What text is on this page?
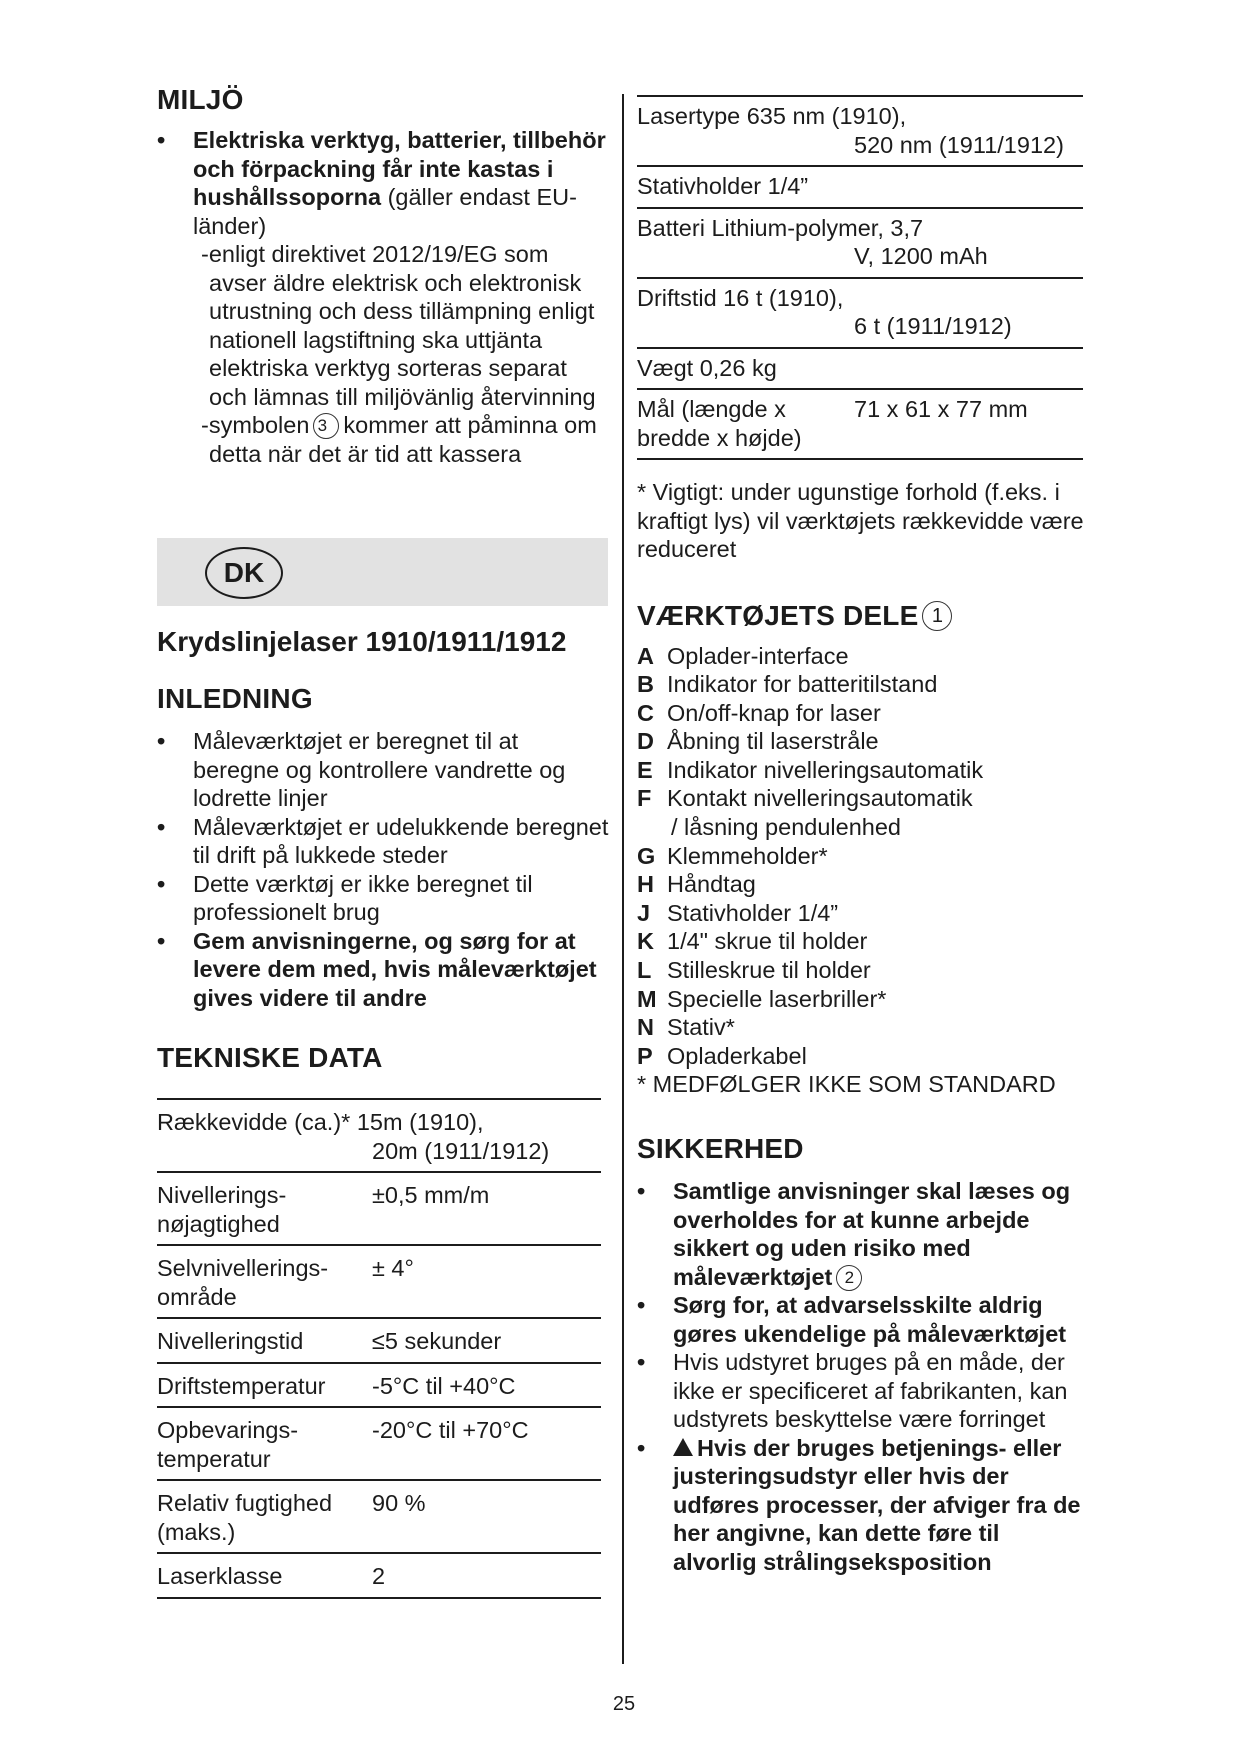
MILJÖ
• Elektriska verktyg, batterier, tillbehör och förpackning får inte kastas i hushållssoporna (gäller endast EU-länder)
-enligt direktivet 2012/19/EG som avser äldre elektrisk och elektronisk utrustning och dess tillämpning enligt nationell lagstiftning ska uttjänta elektriska verktyg sorteras separat och lämnas till miljövänlig återvinning
-symbolen 3 kommer att påminna om detta när det är tid att kassera
DK
Krydslinjelaser 1910/1911/1912
INLEDNING
• Måleværktøjet er beregnet til at beregne og kontrollere vandrette og lodrette linjer
• Måleværktøjet er udelukkende beregnet til drift på lukkede steder
• Dette værktøj er ikke beregnet til professionelt brug
• Gem anvisningerne, og sørg for at levere dem med, hvis måleværktøjet gives videre til andre
TEKNISKE DATA
Rækkevidde (ca.)* 15m (1910),
20m (1911/1912)	
Nivellerings-
nøjagtighed	±0,5 mm/m
Selvnivellerings-
område	± 4°
Nivelleringstid	≤5 sekunder
Driftstemperatur	-5°C til +40°C
Opbevarings-
temperatur	-20°C til +70°C
Relativ fugtighed
(maks.)	90 %
Laserklasse	2
Lasertype 635 nm (1910),
520 nm (1911/1912)
Stativholder 1/4”
Batteri Lithium-polymer, 3,7
V, 1200 mAh
Driftstid 16 t (1910),
6 t (1911/1912)
Vægt 0,26 kg
Mål (længde x	71 x 61 x 77 mm
bredde x højde)
* Vigtigt: under ugunstige forhold (f.eks. i kraftigt lys) vil værktøjets rækkevidde være reduceret
VÆRKTØJETS DELE 1
A Oplader-interface
B Indikator for batteritilstand
C On/off-knap for laser
D Åbning til laserstråle
E Indikator nivelleringsautomatik
F Kontakt nivelleringsautomatik
/ låsning pendulenhed
G Klemmeholder*
H Håndtag
J Stativholder 1/4”
K 1/4" skrue til holder
L Stilleskrue til holder
M Specielle laserbriller*
N Stativ*
P Opladerkabel
* MEDFØLGER IKKE SOM STANDARD
SIKKERHED
• Samtlige anvisninger skal læses og overholdes for at kunne arbejde sikkert og uden risiko med måleværktøjet 2
• Sørg for, at advarselsskilte aldrig gøres ukendelige på måleværktøjet
• Hvis udstyret bruges på en måde, der ikke er specificeret af fabrikanten, kan udstyrets beskyttelse være forringet
• Hvis der bruges betjenings- eller justeringsudstyr eller hvis der udføres processer, der afviger fra de her angivne, kan dette føre til alvorlig strålingseksposition
25
